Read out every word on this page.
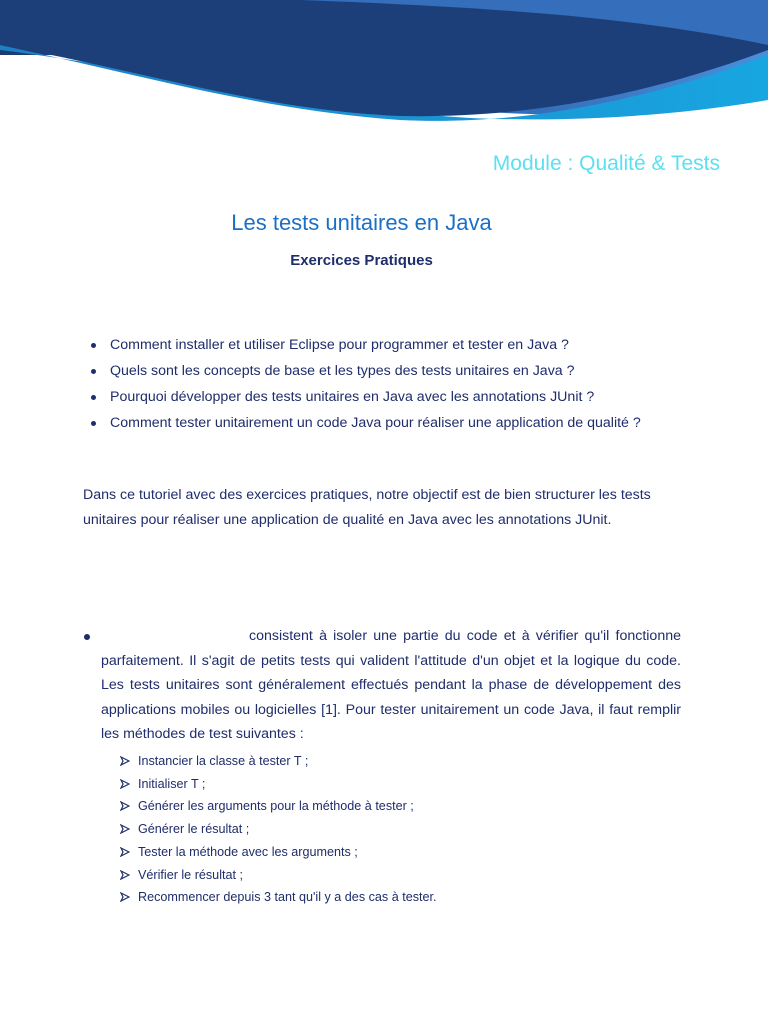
Module : Qualité & Tests
Les tests unitaires en Java
Exercices Pratiques
Comment installer et utiliser Eclipse pour programmer et tester en Java ?
Quels sont les concepts de base et les types des tests unitaires en Java ?
Pourquoi développer des tests unitaires en Java avec les annotations JUnit ?
Comment tester unitairement un code Java pour réaliser une application de qualité ?

Dans ce tutoriel avec des exercices pratiques, notre objectif est de bien structurer les tests unitaires pour réaliser une application de qualité en Java avec les annotations JUnit.

consistent à isoler une partie du code et à vérifier qu'il fonctionne parfaitement. Il s'agit de petits tests qui valident l'attitude d'un objet et la logique du code. Les tests unitaires sont généralement effectués pendant la phase de développement des applications mobiles ou logicielles [1]. Pour tester unitairement un code Java, il faut remplir les méthodes de test suivantes :

Instancier la classe à tester T ;
Initialiser T ;
Générer les arguments pour la méthode à tester ;
Générer le résultat ;
Tester la méthode avec les arguments ;
Vérifier le résultat ;
Recommencer depuis 3 tant qu'il y a des cas à tester.
